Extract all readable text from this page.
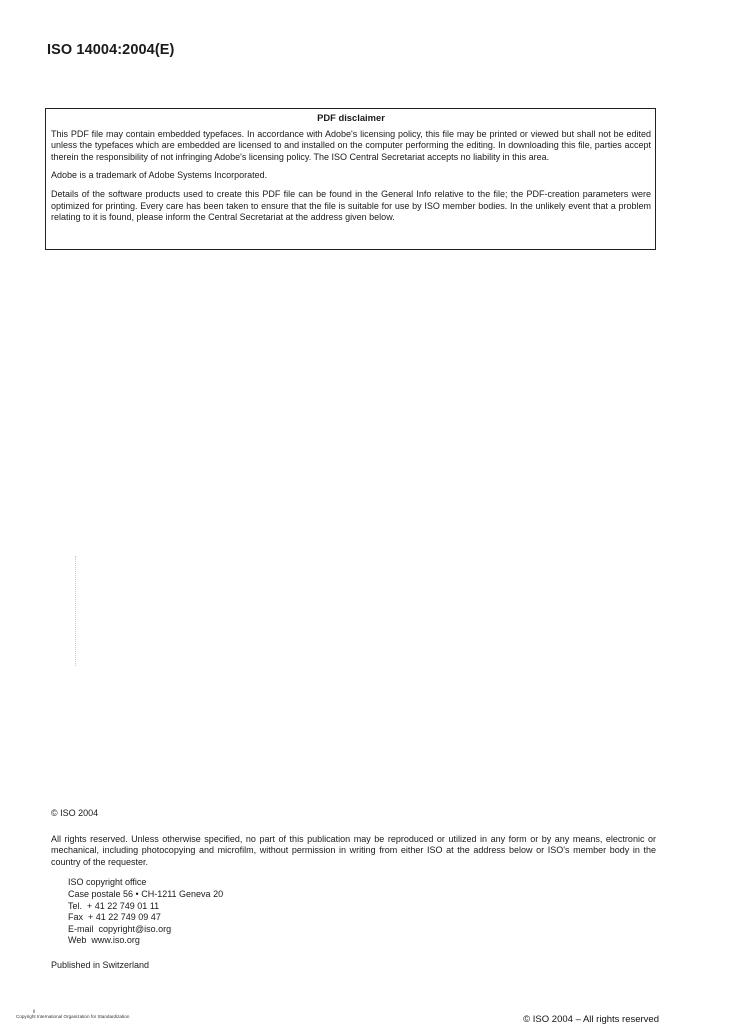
ISO 14004:2004(E)
PDF disclaimer

This PDF file may contain embedded typefaces. In accordance with Adobe's licensing policy, this file may be printed or viewed but shall not be edited unless the typefaces which are embedded are licensed to and installed on the computer performing the editing. In downloading this file, parties accept therein the responsibility of not infringing Adobe's licensing policy. The ISO Central Secretariat accepts no liability in this area.

Adobe is a trademark of Adobe Systems Incorporated.

Details of the software products used to create this PDF file can be found in the General Info relative to the file; the PDF-creation parameters were optimized for printing. Every care has been taken to ensure that the file is suitable for use by ISO member bodies. In the unlikely event that a problem relating to it is found, please inform the Central Secretariat at the address given below.

© ISO 2004
All rights reserved. Unless otherwise specified, no part of this publication may be reproduced or utilized in any form or by any means, electronic or mechanical, including photocopying and microfilm, without permission in writing from either ISO at the address below or ISO's member body in the country of the requester.
ISO copyright office
Case postale 56 • CH-1211 Geneva 20
Tel.  + 41 22 749 01 11
Fax  + 41 22 749 09 47
E-mail  copyright@iso.org
Web  www.iso.org
Published in Switzerland
ii
Copyright International Organization for Standardization	© ISO 2004 – All rights reserved
